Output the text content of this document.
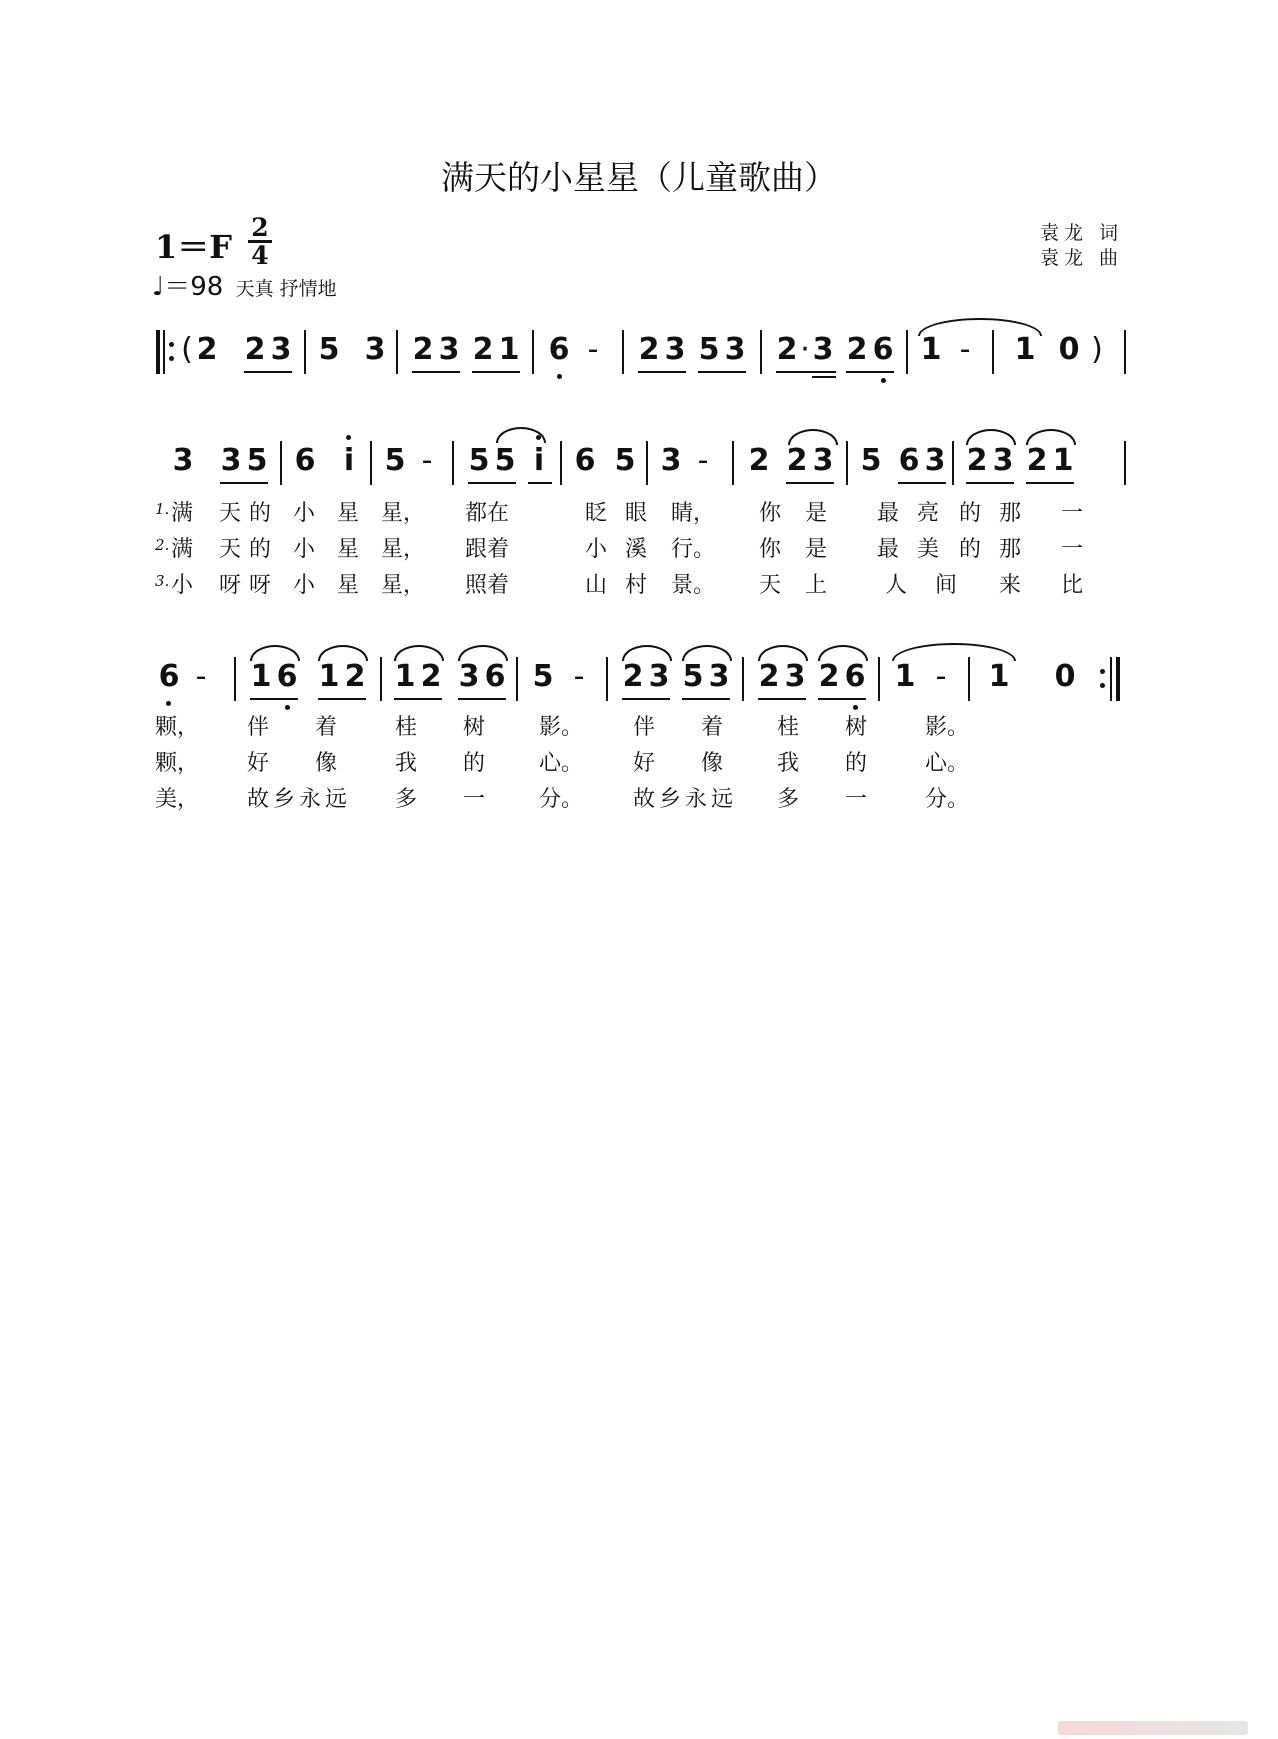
满天的小星星（儿童歌曲）
1＝F
2
4
♩＝98 天真 抒情地
袁龙 词
袁龙 曲
( 2 2 3 5 3 2 3 2 1 6 - 2 3 5 3 2 · 3 2 6 1 - 1 0 )
3 3 5 6 i 5 - 5 5 i 6 5 3 - 2 2 3 5 6 3 2 3 2 1
1. 满 天 的 小 星 星， 都在	眨 眼 睛， 你 是 最 亮 的 那 一
2. 满 天 的 小 星 星， 跟着	小 溪 行。 你 是 最 美 的 那 一
3. 小 呀 呀 小 星 星， 照着	山 村 景。 天 上	人 间 来 比
6 - 1 6 1 2 1 2 3 6 5 - 2 3 5 3 2 3 2 6 1 - 1 0
颗， 伴 着	桂 树 影。 伴 着 桂 树	影。
颗， 好 像	我 的 心。 好 像 我 的	心。
美， 故乡永远 多 一 分。 故乡永远 多 一	分。
